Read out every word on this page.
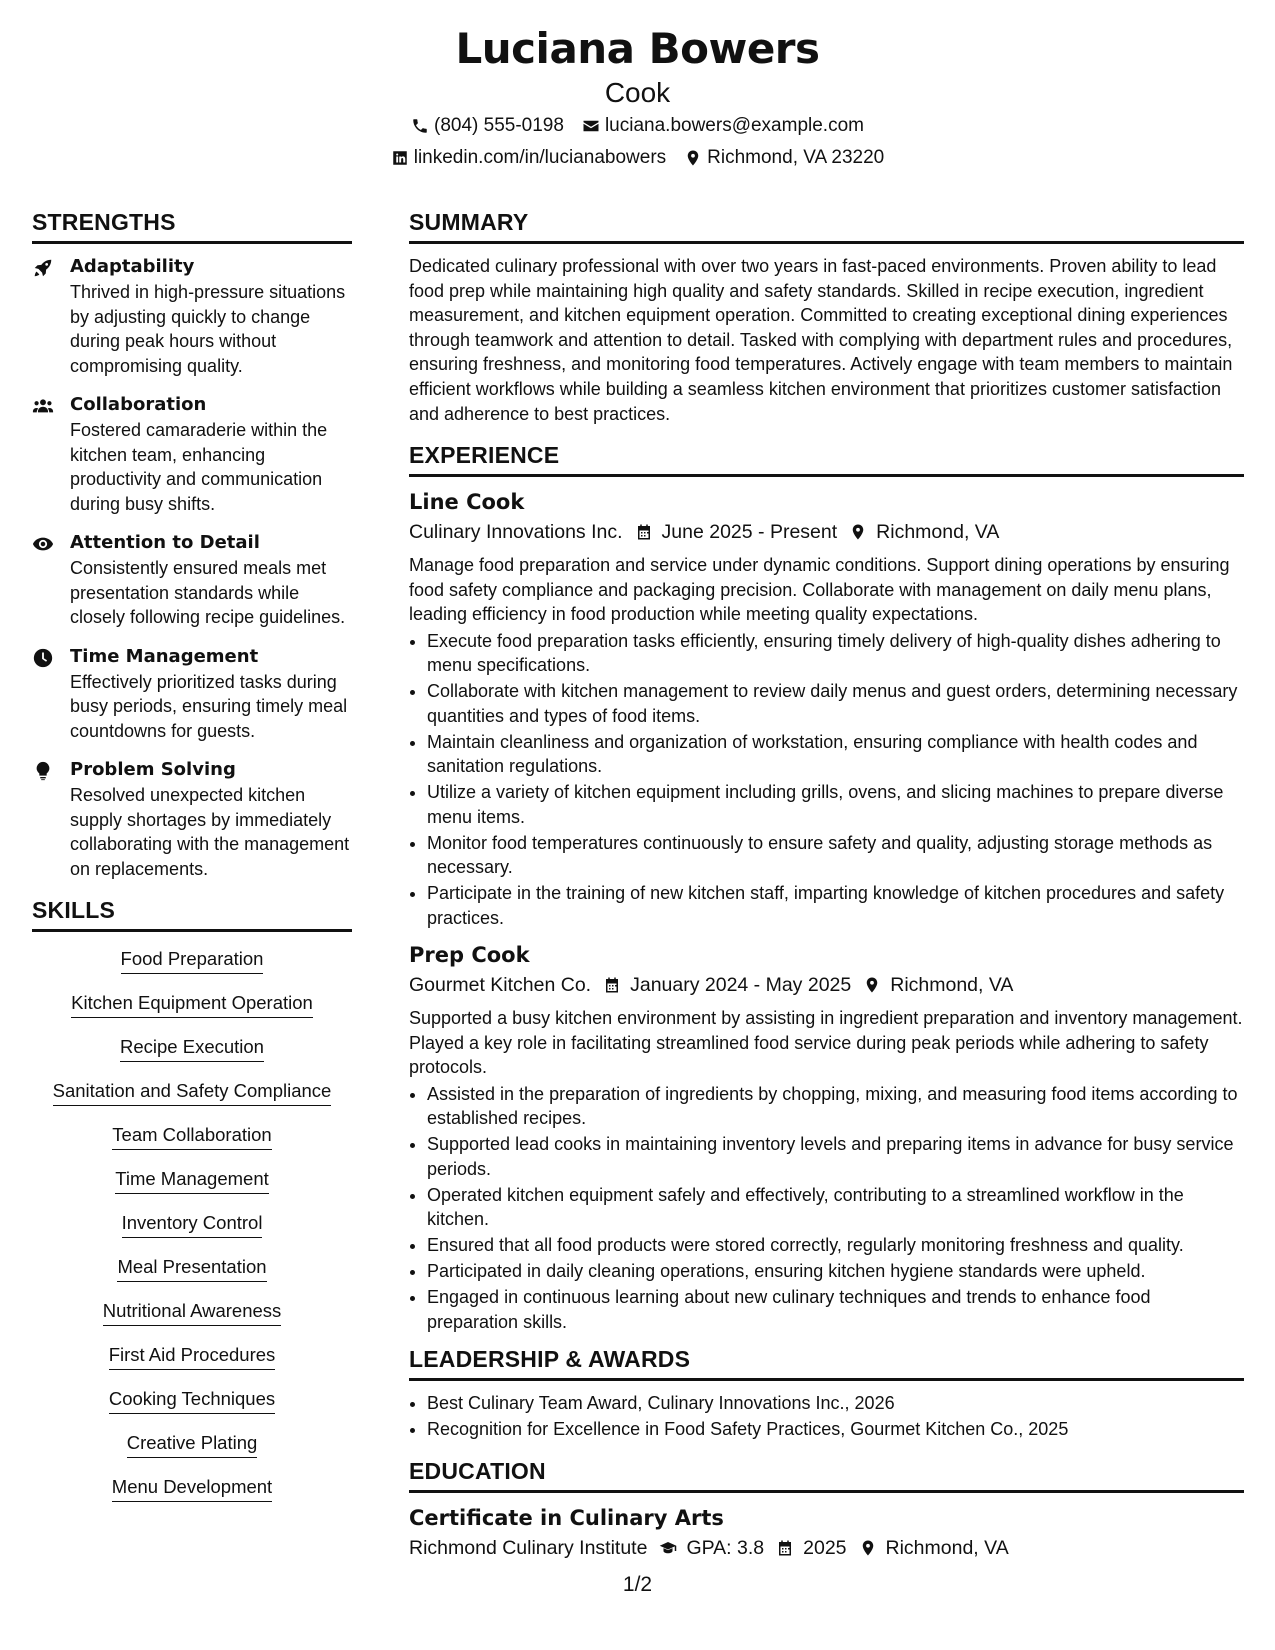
Luciana Bowers
Cook
(804) 555-0198 luciana.bowers@example.com
linkedin.com/in/lucianabowers Richmond, VA 23220
STRENGTHS
Adaptability
Thrived in high-pressure situations by adjusting quickly to change during peak hours without compromising quality.
Collaboration
Fostered camaraderie within the kitchen team, enhancing productivity and communication during busy shifts.
Attention to Detail
Consistently ensured meals met presentation standards while closely following recipe guidelines.
Time Management
Effectively prioritized tasks during busy periods, ensuring timely meal countdowns for guests.
Problem Solving
Resolved unexpected kitchen supply shortages by immediately collaborating with the management on replacements.
SKILLS
Food Preparation
Kitchen Equipment Operation
Recipe Execution
Sanitation and Safety Compliance
Team Collaboration
Time Management
Inventory Control
Meal Presentation
Nutritional Awareness
First Aid Procedures
Cooking Techniques
Creative Plating
Menu Development
SUMMARY
Dedicated culinary professional with over two years in fast-paced environments. Proven ability to lead food prep while maintaining high quality and safety standards. Skilled in recipe execution, ingredient measurement, and kitchen equipment operation. Committed to creating exceptional dining experiences through teamwork and attention to detail. Tasked with complying with department rules and procedures, ensuring freshness, and monitoring food temperatures. Actively engage with team members to maintain efficient workflows while building a seamless kitchen environment that prioritizes customer satisfaction and adherence to best practices.
EXPERIENCE
Line Cook
Culinary Innovations Inc. June 2025 - Present Richmond, VA
Manage food preparation and service under dynamic conditions. Support dining operations by ensuring food safety compliance and packaging precision. Collaborate with management on daily menu plans, leading efficiency in food production while meeting quality expectations.
• Execute food preparation tasks efficiently, ensuring timely delivery of high-quality dishes adhering to menu specifications.
• Collaborate with kitchen management to review daily menus and guest orders, determining necessary quantities and types of food items.
• Maintain cleanliness and organization of workstation, ensuring compliance with health codes and sanitation regulations.
• Utilize a variety of kitchen equipment including grills, ovens, and slicing machines to prepare diverse menu items.
• Monitor food temperatures continuously to ensure safety and quality, adjusting storage methods as necessary.
• Participate in the training of new kitchen staff, imparting knowledge of kitchen procedures and safety practices.
Prep Cook
Gourmet Kitchen Co. January 2024 - May 2025 Richmond, VA
Supported a busy kitchen environment by assisting in ingredient preparation and inventory management. Played a key role in facilitating streamlined food service during peak periods while adhering to safety protocols.
• Assisted in the preparation of ingredients by chopping, mixing, and measuring food items according to established recipes.
• Supported lead cooks in maintaining inventory levels and preparing items in advance for busy service periods.
• Operated kitchen equipment safely and effectively, contributing to a streamlined workflow in the kitchen.
• Ensured that all food products were stored correctly, regularly monitoring freshness and quality.
• Participated in daily cleaning operations, ensuring kitchen hygiene standards were upheld.
• Engaged in continuous learning about new culinary techniques and trends to enhance food preparation skills.
LEADERSHIP & AWARDS
• Best Culinary Team Award, Culinary Innovations Inc., 2026
• Recognition for Excellence in Food Safety Practices, Gourmet Kitchen Co., 2025
EDUCATION
Certificate in Culinary Arts
Richmond Culinary Institute GPA: 3.8 2025 Richmond, VA
1/2
